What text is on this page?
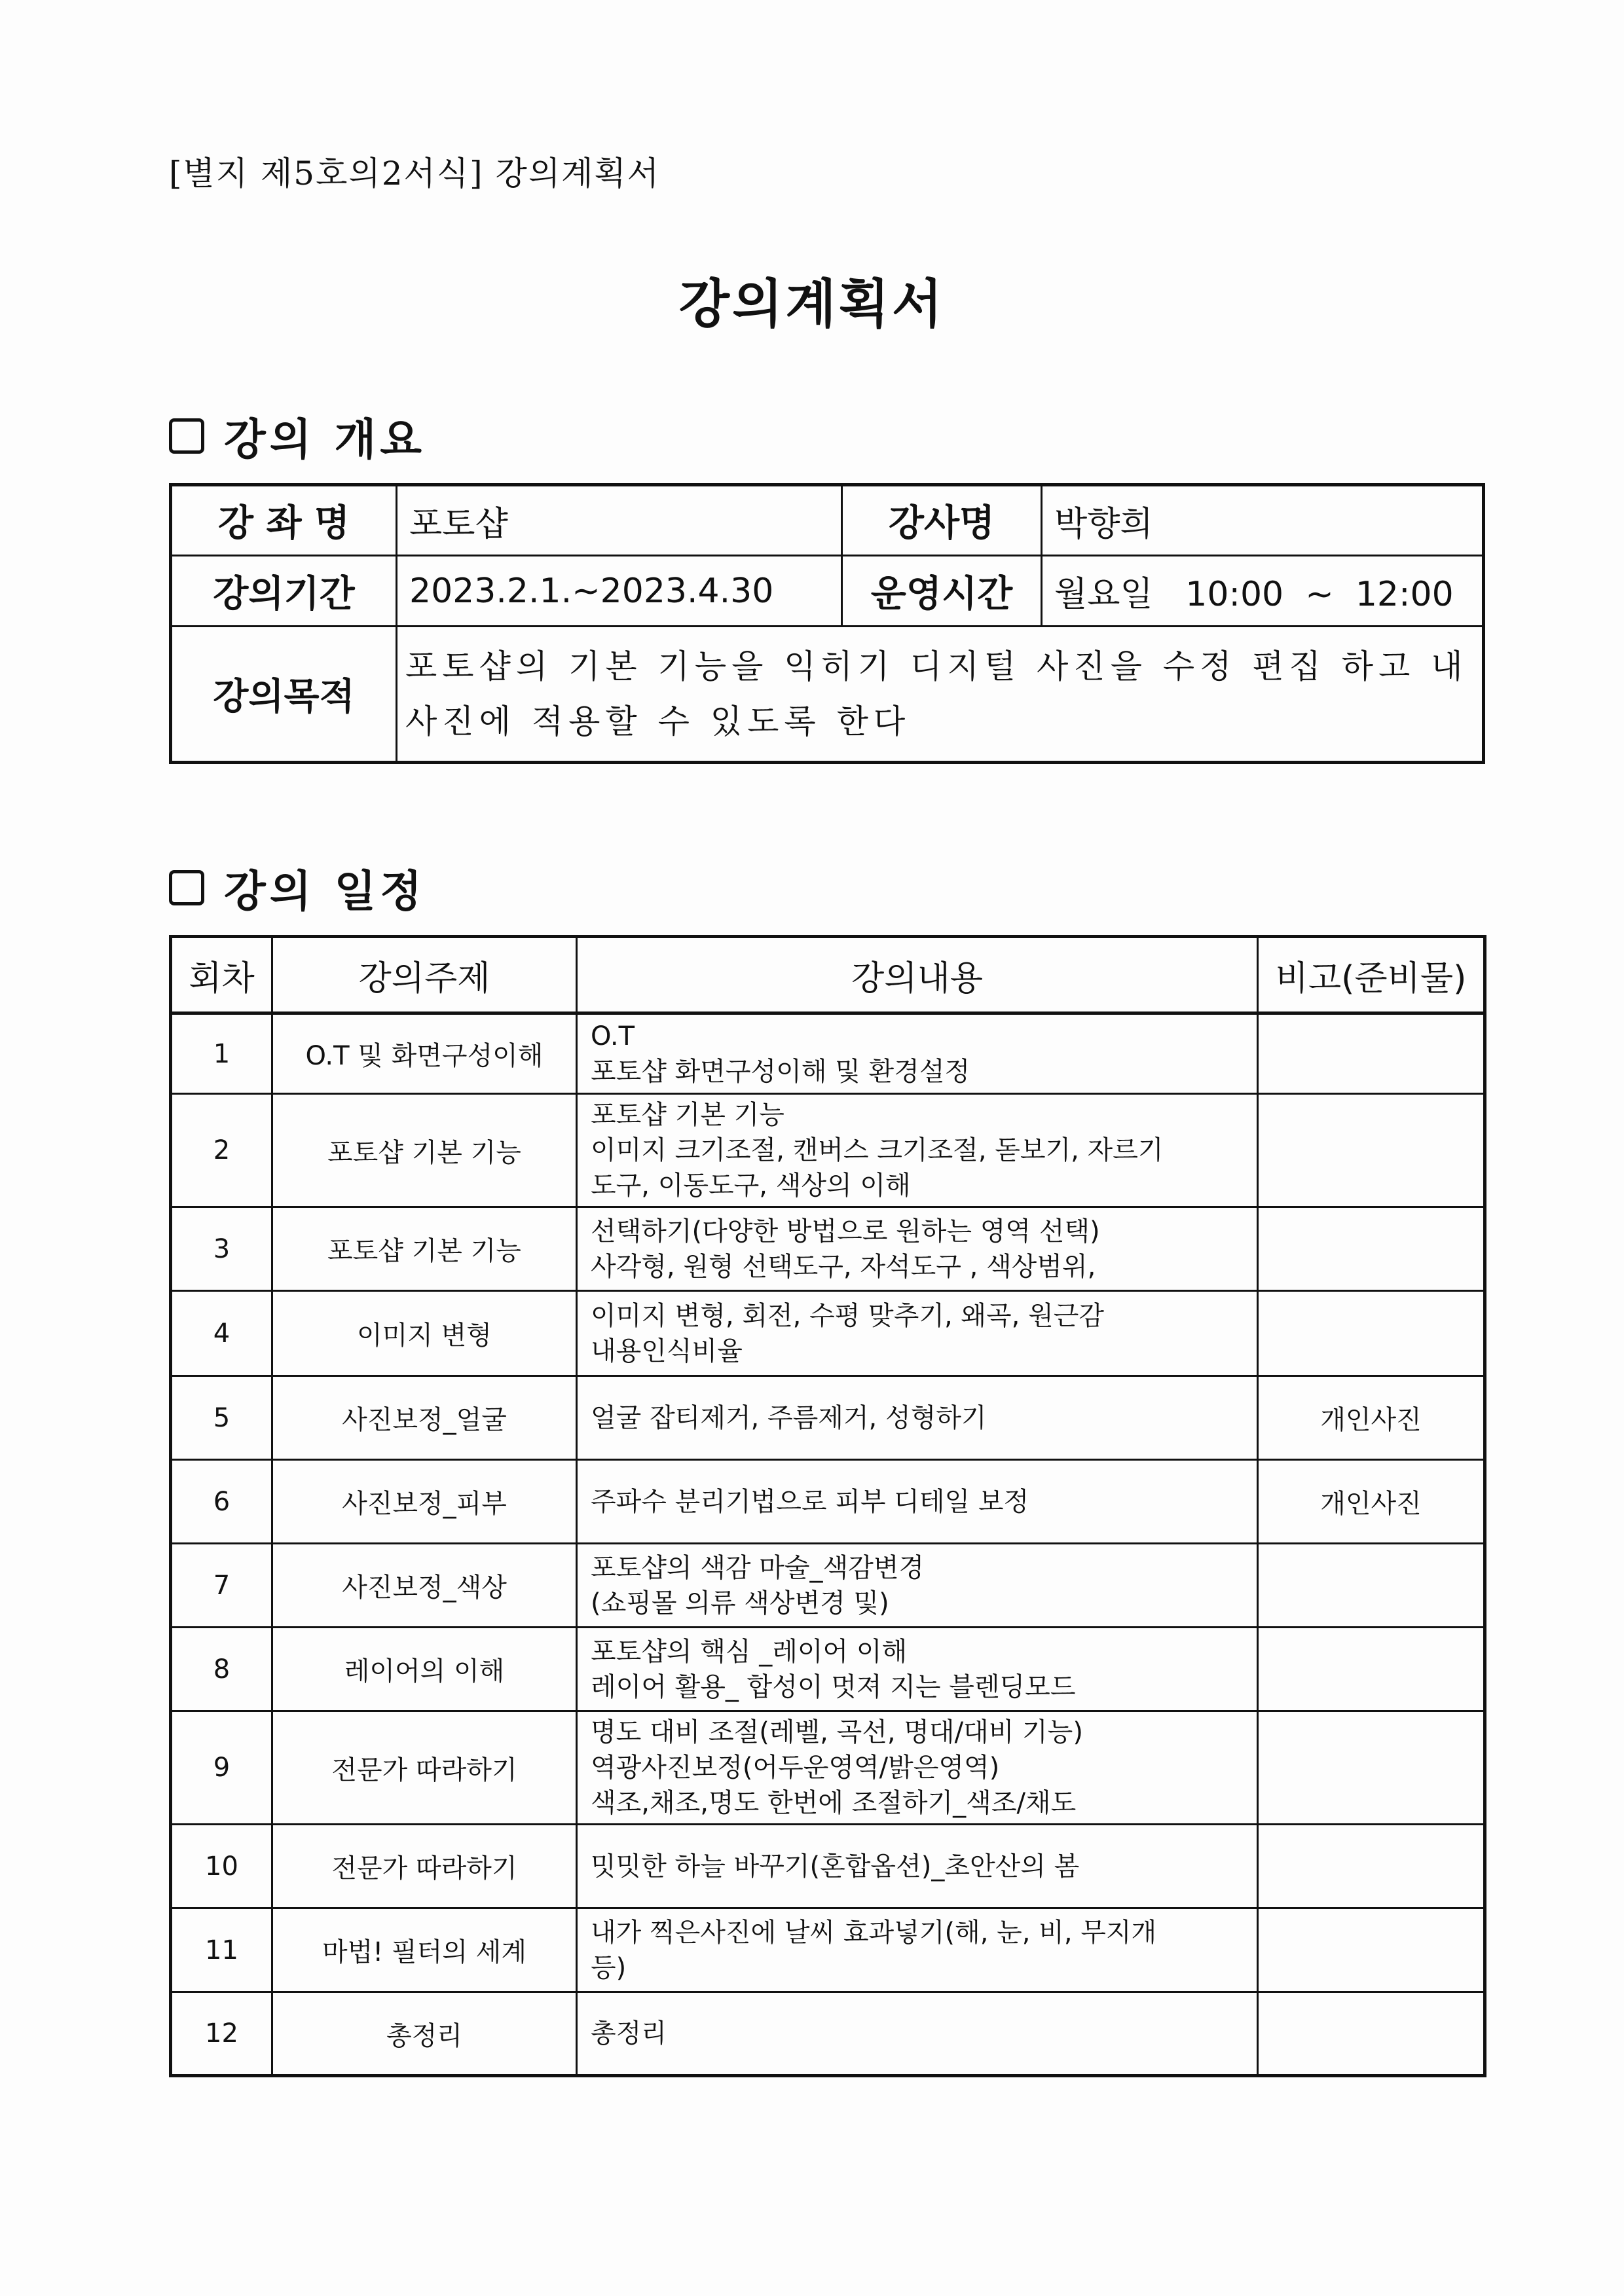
[별지 제5호의2서식] 강의계획서
강의계획서
강의 개요
강 좌 명	포토샵	강사명	박향희
강의기간	2023.2.1.~2023.4.30	운영시간	월요일   10:00  ~  12:00
강의목적	포토샵의 기본 기능을 익히기 디지털 사진을 수정 편집 하고 내 사진에 적용할 수 있도록 한다		
강의 일정
회차	강의주제	강의내용	비고(준비물)
1	O.T 및 화면구성이해	O.T
포토샵 화면구성이해 및 환경설정	
2	포토샵 기본 기능	포토샵 기본 기능
이미지 크기조절, 캔버스 크기조절, 돋보기, 자르기
도구, 이동도구, 색상의 이해	
3	포토샵 기본 기능	선택하기(다양한 방법으로 원하는 영역 선택)
사각형, 원형 선택도구, 자석도구 , 색상범위,	
4	이미지 변형	이미지 변형, 회전, 수평 맞추기, 왜곡, 원근감
내용인식비율	
5	사진보정_얼굴	얼굴 잡티제거, 주름제거, 성형하기	개인사진
6	사진보정_피부	주파수 분리기법으로 피부 디테일 보정	개인사진
7	사진보정_색상	포토샵의 색감 마술_색감변경
(쇼핑몰 의류 색상변경 및)	
8	레이어의 이해	포토샵의 핵심 _레이어 이해
레이어 활용_ 합성이 멋져 지는 블렌딩모드	
9	전문가 따라하기	명도 대비 조절(레벨, 곡선, 명대/대비 기능)
역광사진보정(어두운영역/밝은영역)
색조,채조,명도 한번에 조절하기_색조/채도	
10	전문가 따라하기	밋밋한 하늘 바꾸기(혼합옵션)_초안산의 봄	
11	마법! 필터의 세계	내가 찍은사진에 날씨 효과넣기(해, 눈, 비, 무지개
등)	
12	총정리	총정리	
